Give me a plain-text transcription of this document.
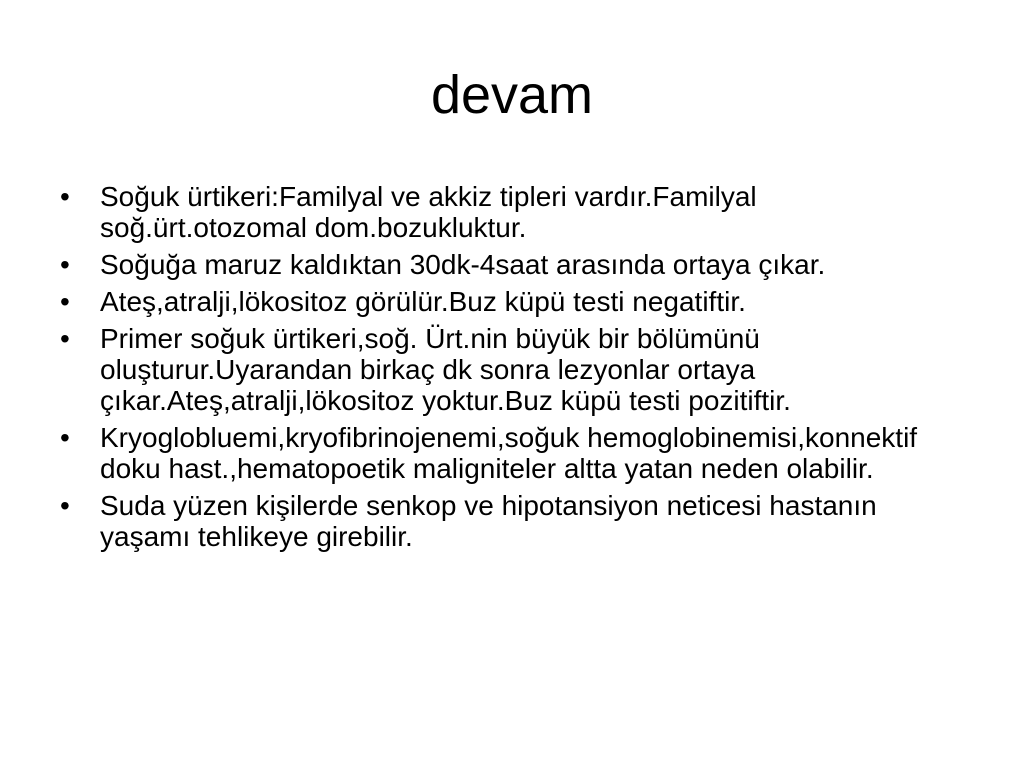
devam
•	Soğuk ürtikeri:Familyal ve akkiz tipleri vardır.Familyal soğ.ürt.otozomal dom.bozukluktur.
•	Soğuğa maruz kaldıktan 30dk-4saat arasında ortaya çıkar.
•	Ateş,atralji,lökositoz görülür.Buz küpü testi negatiftir.
•	Primer soğuk ürtikeri,soğ. Ürt.nin büyük bir bölümünü oluşturur.Uyarandan birkaç dk sonra lezyonlar ortaya çıkar.Ateş,atralji,lökositoz yoktur.Buz küpü testi pozitiftir.
•	Kryoglobluemi,kryofibrinojenemi,soğuk hemoglobinemisi,konnektif doku hast.,hematopoetik maligniteler altta yatan neden olabilir.
•	Suda yüzen kişilerde senkop ve hipotansiyon neticesi hastanın yaşamı tehlikeye girebilir.
